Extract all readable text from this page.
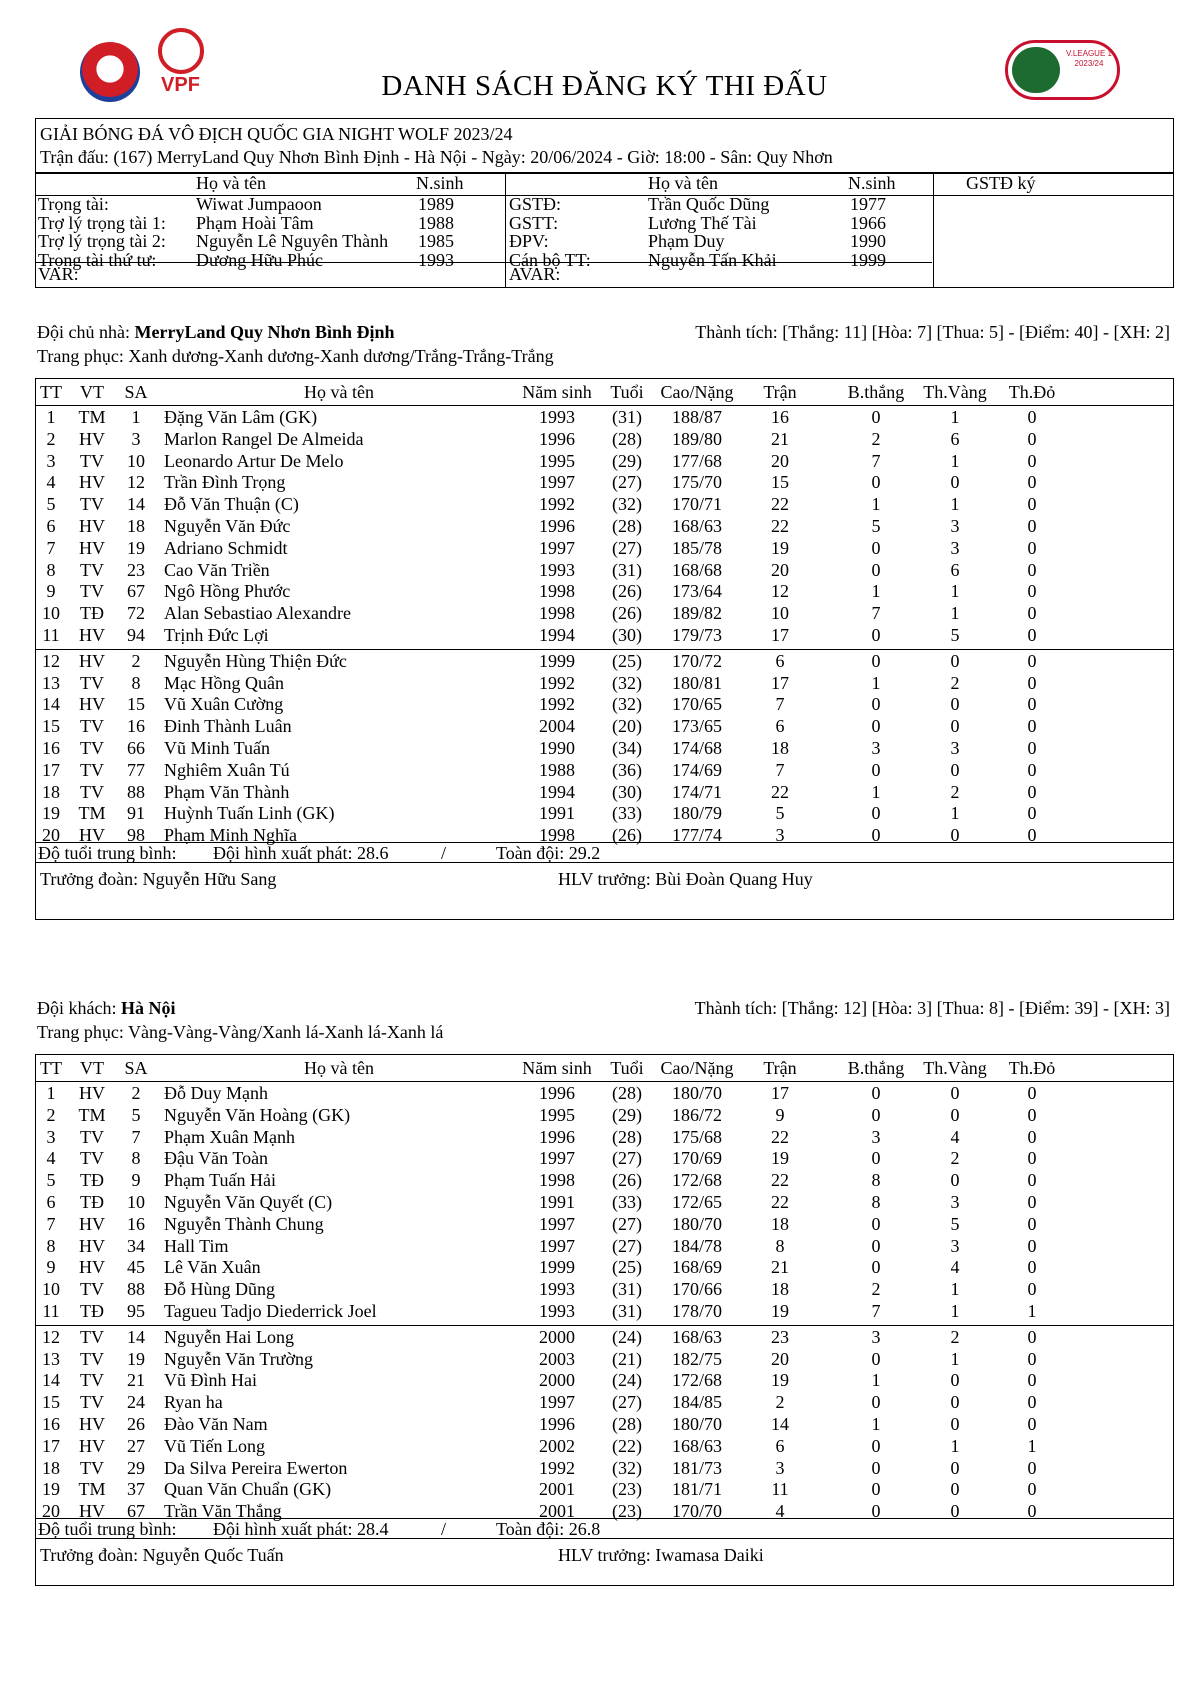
VFF
VPF
V.LEAGUE 1 2023/24
DANH SÁCH ĐĂNG KÝ THI ĐẤU
GIẢI BÓNG ĐÁ VÔ ĐỊCH QUỐC GIA NIGHT WOLF 2023/24
Trận đấu: (167) MerryLand Quy Nhơn Bình Định - Hà Nội - Ngày: 20/06/2024 - Giờ: 18:00 - Sân: Quy Nhơn
Họ và tên	N.sinh	Họ và tên	N.sinh	GSTĐ ký
Trọng tài:	Wiwat Jumpaoon	1989
Trợ lý trọng tài 1: Phạm Hoài Tâm	1988
Trợ lý trọng tài 2: Nguyễn Lê Nguyên Thành 1985
Trọng tài thứ tư: Dương Hữu Phúc	1993
GSTĐ:	Trần Quốc Dũng	1977
GSTT:	Lương Thế Tài	1966
ĐPV:	Phạm Duy	1990
Cán bộ TT:	Nguyễn Tấn Khải	1999
VAR:	AVAR:
Đội chủ nhà: MerryLand Quy Nhơn Bình Định	Thành tích: [Thắng: 11] [Hòa: 7] [Thua: 5] - [Điểm: 40] - [XH: 2]
Trang phục: Xanh dương-Xanh dương-Xanh dương/Trắng-Trắng-Trắng
TT	VT	SA	Họ và tên	Năm sinh	Tuổi Cao/Nặng	Trận	B.thắng	Th.Vàng	Th.Đỏ
1	TM	1	Đặng Văn Lâm (GK)	1993	(31)	188/87	16	0	1	0
2	HV	3	Marlon Rangel De Almeida	1996	(28)	189/80	21	2	6	0
3	TV	10	Leonardo Artur De Melo	1995	(29)	177/68	20	7	1	0
4	HV	12	Trần Đình Trọng	1997	(27)	175/70	15	0	0	0
5	TV	14	Đỗ Văn Thuận (C)	1992	(32)	170/71	22	1	1	0
6	HV	18	Nguyễn Văn Đức	1996	(28)	168/63	22	5	3	0
7	HV	19	Adriano Schmidt	1997	(27)	185/78	19	0	3	0
8	TV	23	Cao Văn Triền	1993	(31)	168/68	20	0	6	0
9	TV	67	Ngô Hồng Phước	1998	(26)	173/64	12	1	1	0
10	TĐ	72	Alan Sebastiao Alexandre	1998	(26)	189/82	10	7	1	0
11	HV	94	Trịnh Đức Lợi	1994	(30)	179/73	17	0	5	0
12	HV	2	Nguyễn Hùng Thiện Đức	1999	(25)	170/72	6	0	0	0
13	TV	8	Mạc Hồng Quân	1992	(32)	180/81	17	1	2	0
14	HV	15	Vũ Xuân Cường	1992	(32)	170/65	7	0	0	0
15	TV	16	Đinh Thành Luân	2004	(20)	173/65	6	0	0	0
16	TV	66	Vũ Minh Tuấn	1990	(34)	174/68	18	3	3	0
17	TV	77	Nghiêm Xuân Tú	1988	(36)	174/69	7	0	0	0
18	TV	88	Phạm Văn Thành	1994	(30)	174/71	22	1	2	0
19	TM	91	Huỳnh Tuấn Linh (GK)	1991	(33)	180/79	5	0	1	0
20	HV	98	Phạm Minh Nghĩa	1998	(26)	177/74	3	0	0	0
Độ tuổi trung bình: Đội hình xuất phát: 28.6	/	Toàn đội: 29.2
Trưởng đoàn: Nguyễn Hữu Sang	HLV trưởng: Bùi Đoàn Quang Huy
Đội khách: Hà Nội	Thành tích: [Thắng: 12] [Hòa: 3] [Thua: 8] - [Điểm: 39] - [XH: 3]
Trang phục: Vàng-Vàng-Vàng/Xanh lá-Xanh lá-Xanh lá
TT	VT	SA	Họ và tên	Năm sinh	Tuổi Cao/Nặng	Trận	B.thắng	Th.Vàng	Th.Đỏ
1	HV	2	Đỗ Duy Mạnh	1996	(28)	180/70	17	0	0	0
2	TM	5	Nguyễn Văn Hoàng (GK)	1995	(29)	186/72	9	0	0	0
3	TV	7	Phạm Xuân Mạnh	1996	(28)	175/68	22	3	4	0
4	TV	8	Đậu Văn Toàn	1997	(27)	170/69	19	0	2	0
5	TĐ	9	Phạm Tuấn Hải	1998	(26)	172/68	22	8	0	0
6	TĐ	10	Nguyễn Văn Quyết (C)	1991	(33)	172/65	22	8	3	0
7	HV	16	Nguyễn Thành Chung	1997	(27)	180/70	18	0	5	0
8	HV	34	Hall Tim	1997	(27)	184/78	8	0	3	0
9	HV	45	Lê Văn Xuân	1999	(25)	168/69	21	0	4	0
10	TV	88	Đỗ Hùng Dũng	1993	(31)	170/66	18	2	1	0
11	TĐ	95	Tagueu Tadjo Diederrick Joel	1993	(31)	178/70	19	7	1	1
12	TV	14	Nguyễn Hai Long	2000	(24)	168/63	23	3	2	0
13	TV	19	Nguyễn Văn Trường	2003	(21)	182/75	20	0	1	0
14	TV	21	Vũ Đình Hai	2000	(24)	172/68	19	1	0	0
15	TV	24	Ryan ha	1997	(27)	184/85	2	0	0	0
16	HV	26	Đào Văn Nam	1996	(28)	180/70	14	1	0	0
17	HV	27	Vũ Tiến Long	2002	(22)	168/63	6	0	1	1
18	TV	29	Da Silva Pereira Ewerton	1992	(32)	181/73	3	0	0	0
19	TM	37	Quan Văn Chuẩn (GK)	2001	(23)	181/71	11	0	0	0
20	HV	67	Trần Văn Thắng	2001	(23)	170/70	4	0	0	0
Độ tuổi trung bình: Đội hình xuất phát: 28.4	/	Toàn đội: 26.8
Trưởng đoàn: Nguyễn Quốc Tuấn	HLV trưởng: Iwamasa Daiki
